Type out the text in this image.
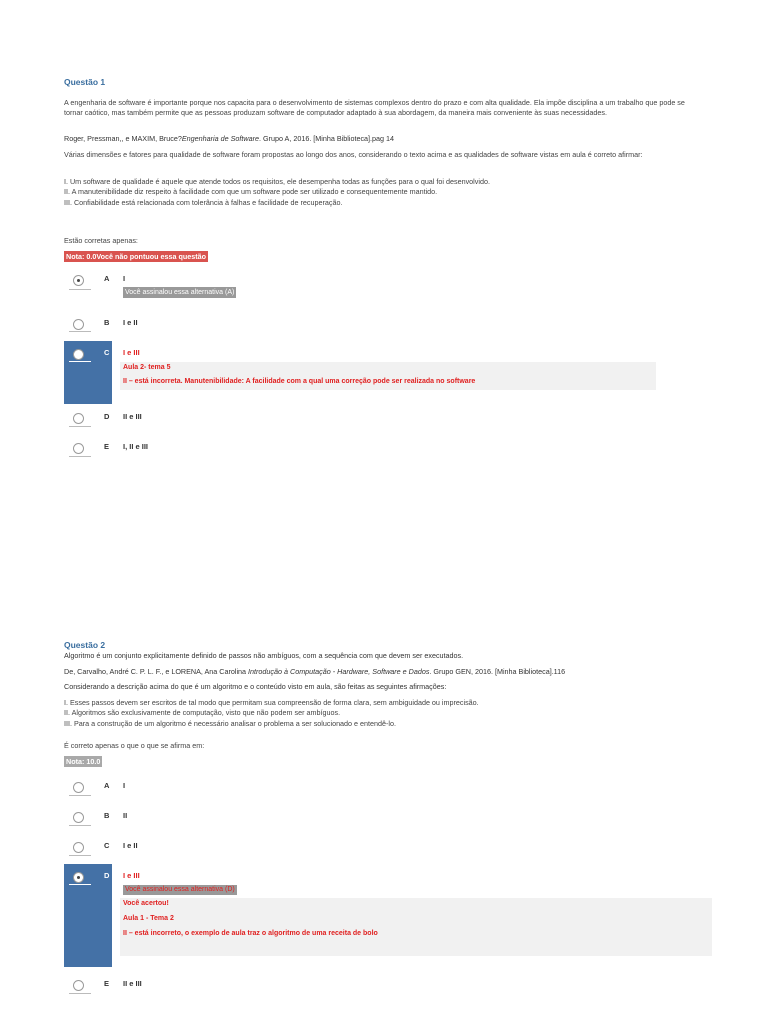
Questão 1
A engenharia de software é importante porque nos capacita para o desenvolvimento de sistemas complexos dentro do prazo e com alta qualidade. Ela impõe disciplina a um trabalho que pode se tornar caótico, mas também permite que as pessoas produzam software de computador adaptado à sua abordagem, da maneira mais conveniente às suas necessidades.
Roger, Pressman,, e MAXIM, Bruce?Engenharia de Software. Grupo A, 2016. [Minha Biblioteca].pag 14
Várias dimensões e fatores para qualidade de software foram propostas ao longo dos anos, considerando o texto acima e as qualidades de software vistas em aula é correto afirmar:
I. Um software de qualidade é aquele que atende todos os requisitos, ele desempenha todas as funções para o qual foi desenvolvido.
II. A manutenibilidade diz respeito à facilidade com que um software pode ser utilizado e consequentemente mantido.
III. Confiabilidade está relacionada com tolerância à falhas e facilidade de recuperação.
Estão corretas apenas:
Nota: 0.0Você não pontuou essa questão
A I
Você assinalou essa alternativa (A)
B I e II
C I e III
Aula 2- tema 5
II – está incorreta. Manutenibilidade: A facilidade com a qual uma correção pode ser realizada no software
D II e III
E I, II e III
Questão 2
Algoritmo é um conjunto explicitamente definido de passos não ambíguos, com a sequência com que devem ser executados.
De, Carvalho, André C. P. L. F., e LORENA, Ana Carolina Introdução à Computação - Hardware, Software e Dados. Grupo GEN, 2016. [Minha Biblioteca].116
Considerando a descrição acima do que é um algoritmo e o conteúdo visto em aula, são feitas as seguintes afirmações:
I. Esses passos devem ser escritos de tal modo que permitam sua compreensão de forma clara, sem ambiguidade ou imprecisão.
II. Algoritmos são exclusivamente de computação, visto que não podem ser ambíguos.
III. Para a construção de um algoritmo é necessário analisar o problema a ser solucionado e entendê-lo.
É correto apenas o que o que se afirma em:
Nota: 10.0
A I
B II
C I e II
D I e III
Você assinalou essa alternativa (D)
Você acertou!
Aula 1 - Tema 2
II – está incorreto, o exemplo de aula traz o algoritmo de uma receita de bolo
E II e III
